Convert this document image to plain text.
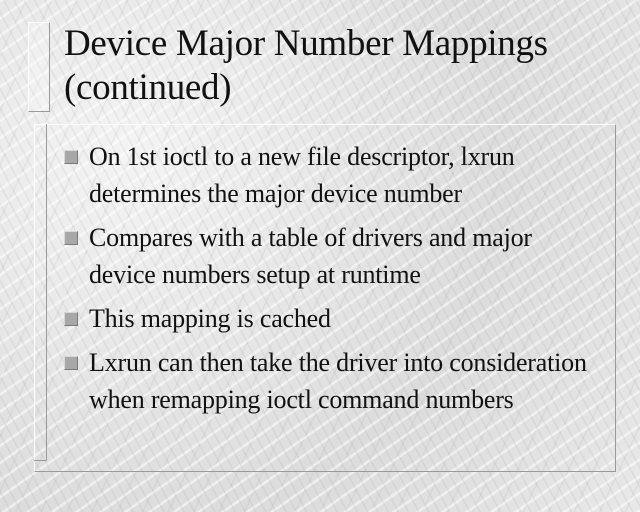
Device Major Number Mappings (continued)
On 1st ioctl to a new file descriptor, lxrun determines the major device number
Compares with a table of drivers and major device numbers setup at runtime
This mapping is cached
Lxrun can then take the driver into consideration when remapping ioctl command numbers
